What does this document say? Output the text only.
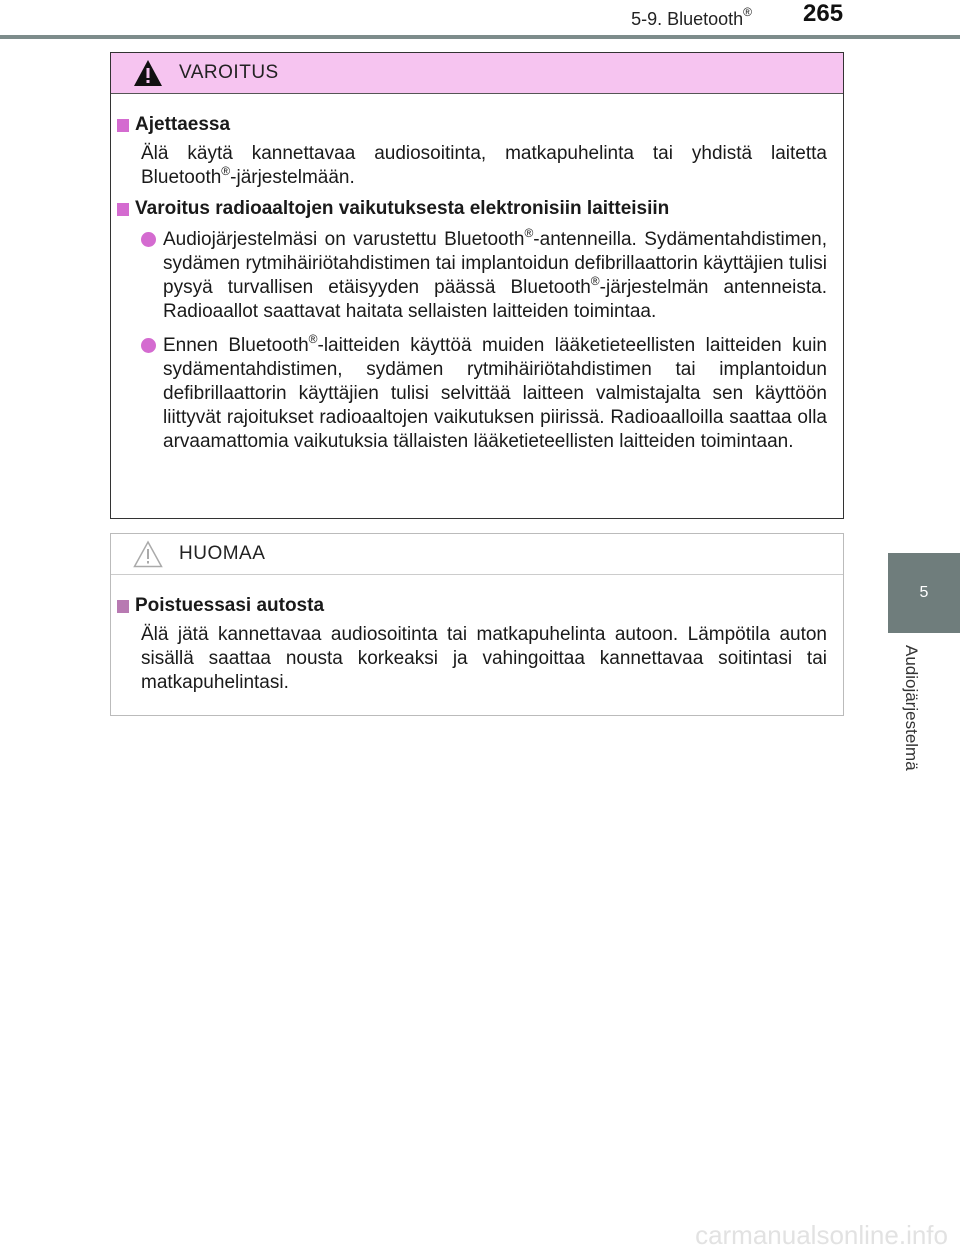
5-9. Bluetooth® 265
5
Audiojärjestelmä
VAROITUS
Ajettaessa
Älä käytä kannettavaa audiosoitinta, matkapuhelinta tai yhdistä laitetta Bluetooth®-järjestelmään.
Varoitus radioaaltojen vaikutuksesta elektronisiin laitteisiin
Audiojärjestelmäsi on varustettu Bluetooth®-antenneilla. Sydämentahdistimen, sydämen rytmihäiriötahdistimen tai implantoidun defibrillaattorin käyttäjien tulisi pysyä turvallisen etäisyyden päässä Bluetooth®-järjestelmän antenneista. Radioaallot saattavat haitata sellaisten laitteiden toimintaa.
Ennen Bluetooth®-laitteiden käyttöä muiden lääketieteellisten laitteiden kuin sydämentahdistimen, sydämen rytmihäiriötahdistimen tai implantoidun defibrillaattorin käyttäjien tulisi selvittää laitteen valmistajalta sen käyttöön liittyvät rajoitukset radioaaltojen vaikutuksen piirissä. Radioaalloilla saattaa olla arvaamattomia vaikutuksia tällaisten lääketieteellisten laitteiden toimintaan.
HUOMAA
Poistuessasi autosta
Älä jätä kannettavaa audiosoitinta tai matkapuhelinta autoon. Lämpötila auton sisällä saattaa nousta korkeaksi ja vahingoittaa kannettavaa soitintasi tai matkapuhelintasi.
carmanualsonline.info
